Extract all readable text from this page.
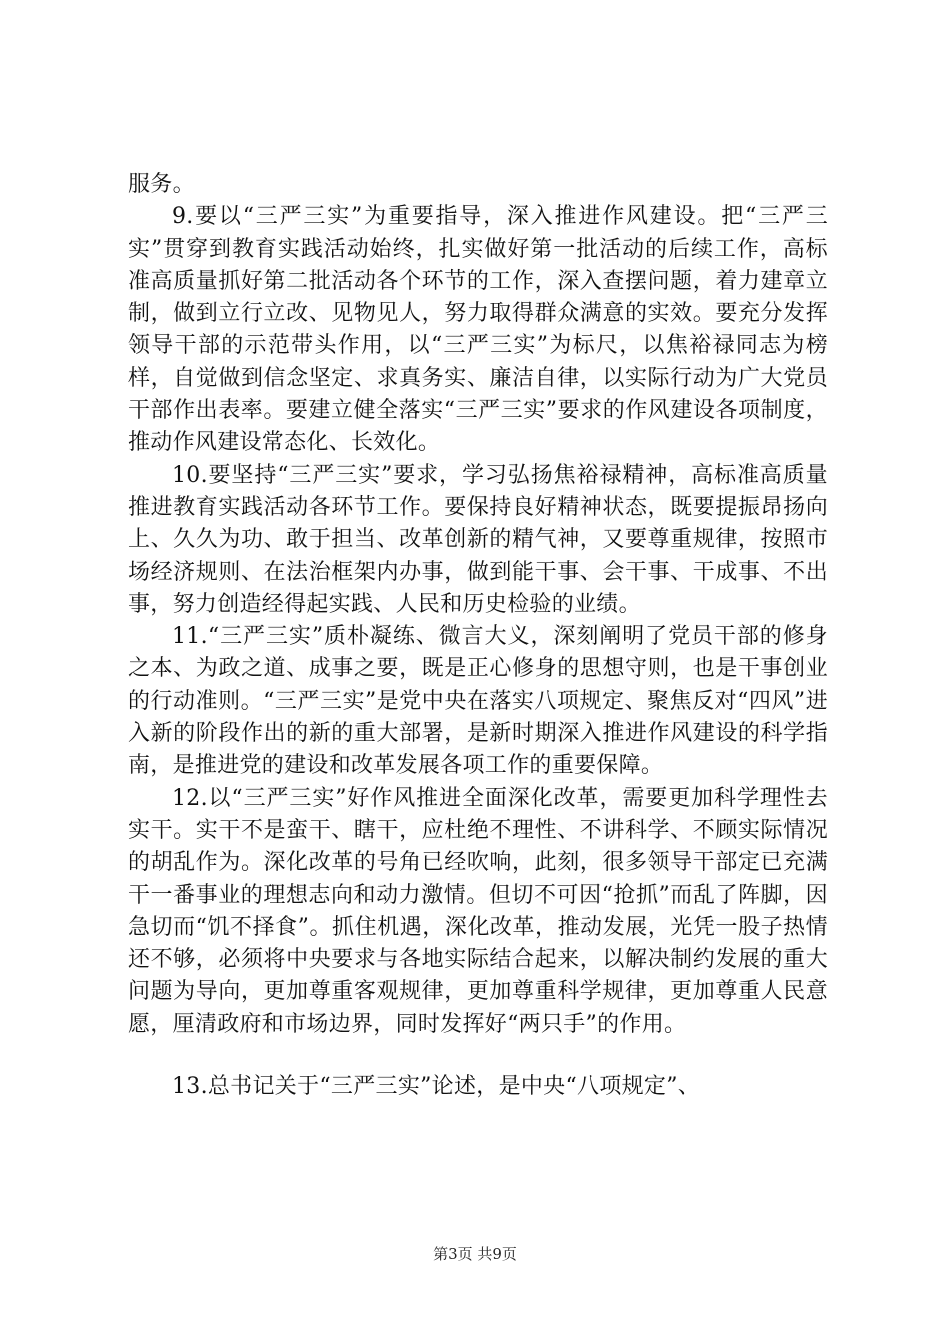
服务。

9.要以“三严三实”为重要指导，深入推进作风建设。把“三严三实”贯穿到教育实践活动始终，扎实做好第一批活动的后续工作，高标准高质量抓好第二批活动各个环节的工作，深入查摆问题，着力建章立制，做到立行立改、见物见人，努力取得群众满意的实效。要充分发挥领导干部的示范带头作用，以“三严三实”为标尺，以焦裕禄同志为榜样，自觉做到信念坚定、求真务实、廉洁自律，以实际行动为广大党员干部作出表率。要建立健全落实“三严三实”要求的作风建设各项制度，推动作风建设常态化、长效化。

10.要坚持“三严三实”要求，学习弘扬焦裕禄精神，高标准高质量推进教育实践活动各环节工作。要保持良好精神状态，既要提振昂扬向上、久久为功、敢于担当、改革创新的精气神，又要尊重规律，按照市场经济规则、在法治框架内办事，做到能干事、会干事、干成事、不出事，努力创造经得起实践、人民和历史检验的业绩。

11.“三严三实”质朴凝练、微言大义，深刻阐明了党员干部的修身之本、为政之道、成事之要，既是正心修身的思想守则，也是干事创业的行动准则。“三严三实”是党中央在落实八项规定、聚焦反对“四风”进入新的阶段作出的新的重大部署，是新时期深入推进作风建设的科学指南，是推进党的建设和改革发展各项工作的重要保障。

12.以“三严三实”好作风推进全面深化改革，需要更加科学理性去实干。实干不是蛮干、瞎干，应杜绝不理性、不讲科学、不顾实际情况的胡乱作为。深化改革的号角已经吹响，此刻，很多领导干部定已充满干一番事业的理想志向和动力激情。但切不可因“抢抓”而乱了阵脚，因急切而“饥不择食”。抓住机遇，深化改革，推动发展，光凭一股子热情还不够，必须将中央要求与各地实际结合起来，以解决制约发展的重大问题为导向，更加尊重客观规律，更加尊重科学规律，更加尊重人民意愿，厘清政府和市场边界，同时发挥好“两只手”的作用。

13.总书记关于“三严三实”论述，是中央“八项规定”、

第3页 共9页
